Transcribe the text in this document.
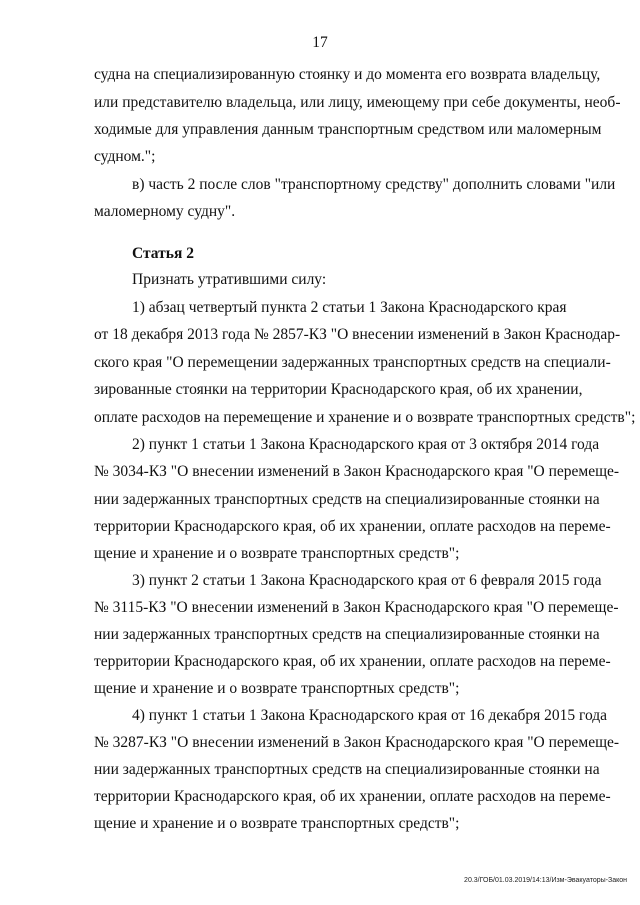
17
судна на специализированную стоянку и до момента его возврата владельцу,
или представителю владельца, или лицу, имеющему при себе документы, необ-
ходимые для управления данным транспортным средством или маломерным
судном.";
в) часть 2 после слов "транспортному средству" дополнить словами "или
маломерному судну".
Статья 2
Признать утратившими силу:
1) абзац четвертый пункта 2 статьи 1 Закона Краснодарского края
от 18 декабря 2013 года № 2857-КЗ "О внесении изменений в Закон Краснодар-
ского края "О перемещении задержанных транспортных средств на специали-
зированные стоянки на территории Краснодарского края, об их хранении,
оплате расходов на перемещение и хранение и о возврате транспортных средств";
2) пункт 1 статьи 1 Закона Краснодарского края от 3 октября 2014 года
№ 3034-КЗ "О внесении изменений в Закон Краснодарского края "О перемеще-
нии задержанных транспортных средств на специализированные стоянки на
территории Краснодарского края, об их хранении, оплате расходов на переме-
щение и хранение и о возврате транспортных средств";
3) пункт 2 статьи 1 Закона Краснодарского края от 6 февраля 2015 года
№ 3115-КЗ "О внесении изменений в Закон Краснодарского края "О перемеще-
нии задержанных транспортных средств на специализированные стоянки на
территории Краснодарского края, об их хранении, оплате расходов на переме-
щение и хранение и о возврате транспортных средств";
4) пункт 1 статьи 1 Закона Краснодарского края от 16 декабря 2015 года
№ 3287-КЗ "О внесении изменений в Закон Краснодарского края "О перемеще-
нии задержанных транспортных средств на специализированные стоянки на
территории Краснодарского края, об их хранении, оплате расходов на переме-
щение и хранение и о возврате транспортных средств";
20.3/ГОБ/01.03.2019/14:13/Изм-Эвакуаторы-Закон
